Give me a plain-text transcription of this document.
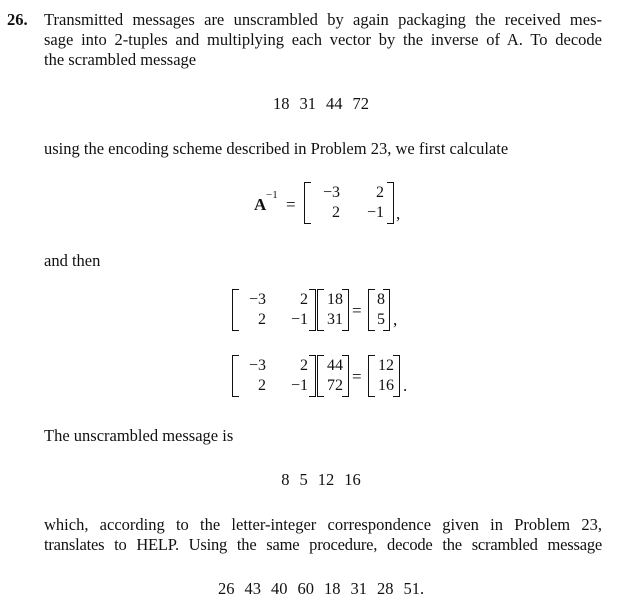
26. Transmitted messages are unscrambled by again packaging the received mes-
sage into 2-tuples and multiplying each vector by the inverse of A. To decode
the scrambled message
18 31 44 72
using the encoding scheme described in Problem 23, we first calculate
A −1 =
−3	2
2	−1 ,
and then
−3	2
2	−1
18
31 =
8
5 ,
−3	2
2	−1
44
72 =
12
16 .
The unscrambled message is
8 5 12 16
which, according to the letter-integer correspondence given in Problem 23,
translates to HELP. Using the same procedure, decode the scrambled message
26 43 40 60 18 31 28 51.
